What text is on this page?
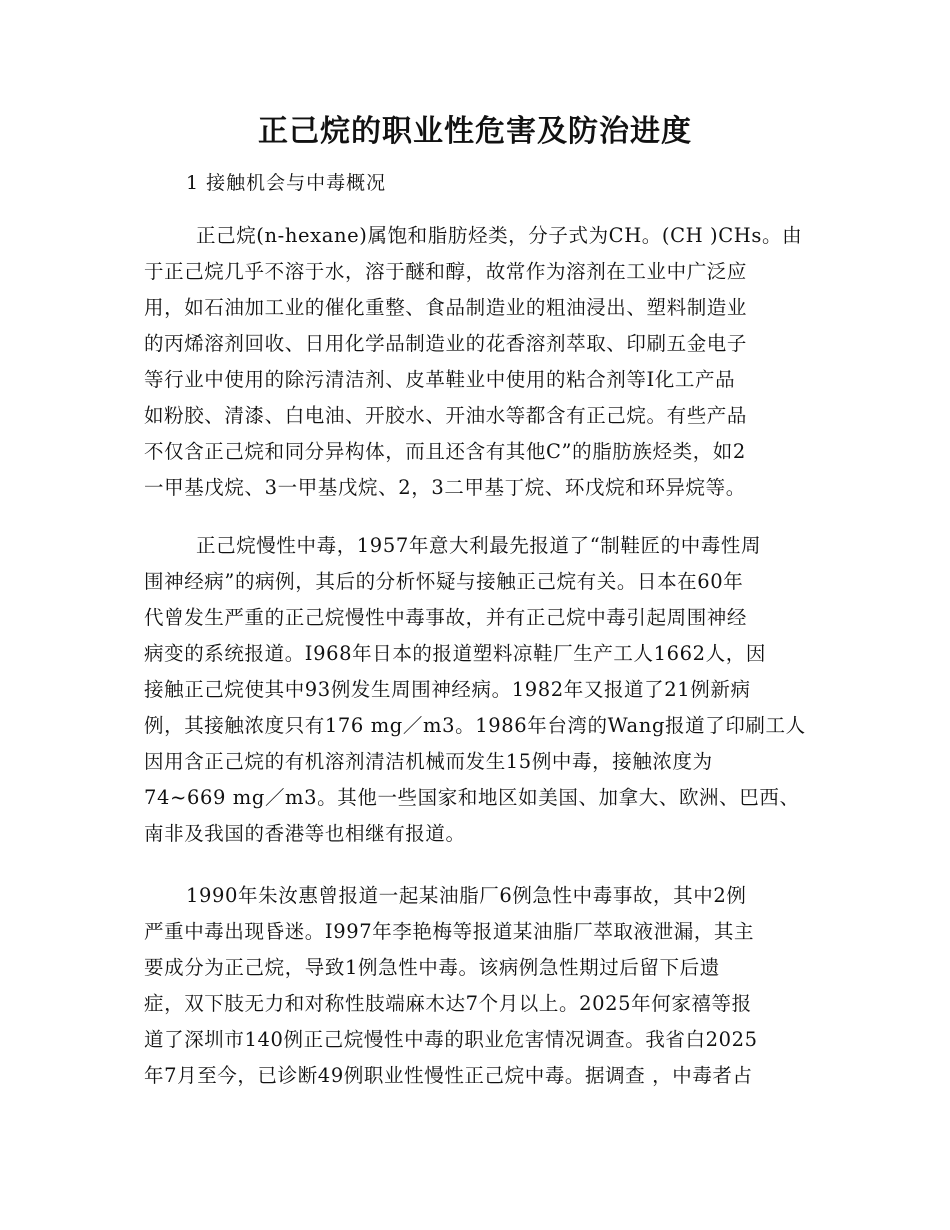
正己烷的职业性危害及防治进度
1 接触机会与中毒概况
正己烷(n-hexane)属饱和脂肪烃类，分子式为CH。(CH )CHs。由
于正己烷几乎不溶于水，溶于醚和醇，故常作为溶剂在工业中广泛应
用，如石油加工业的催化重整、食品制造业的粗油浸出、塑料制造业
的丙烯溶剂回收、日用化学品制造业的花香溶剂萃取、印刷五金电子
等行业中使用的除污清洁剂、皮革鞋业中使用的粘合剂等Ⅰ化工产品
如粉胶、清漆、白电油、开胶水、开油水等都含有正己烷。有些产品
不仅含正己烷和同分异构体，而且还含有其他C”的脂肪族烃类，如2
一甲基戊烷、3一甲基戊烷、2，3二甲基丁烷、环戊烷和环异烷等。
正己烷慢性中毒，1957年意大利最先报道了“制鞋匠的中毒性周
围神经病”的病例，其后的分析怀疑与接触正己烷有关。日本在60年
代曾发生严重的正己烷慢性中毒事故，并有正己烷中毒引起周围神经
病变的系统报道。I968年日本的报道塑料凉鞋厂生产工人1662人，因
接触正己烷使其中93例发生周围神经病。1982年又报道了21例新病
例，其接触浓度只有176 mg／m3。1986年台湾的Wang报道了印刷工人
因用含正己烷的有机溶剂清洁机械而发生15例中毒，接触浓度为
74~669 mg／m3。其他一些国家和地区如美国、加拿大、欧洲、巴西、
南非及我国的香港等也相继有报道。
1990年朱汝惠曾报道一起某油脂厂6例急性中毒事故，其中2例
严重中毒出现昏迷。I997年李艳梅等报道某油脂厂萃取液泄漏，其主
要成分为正己烷，导致1例急性中毒。该病例急性期过后留下后遗
症，双下肢无力和对称性肢端麻木达7个月以上。2025年何家禧等报
道了深圳市140例正己烷慢性中毒的职业危害情况调查。我省白2025
年7月至今，已诊断49例职业性慢性正己烷中毒。据调查 ，中毒者占
